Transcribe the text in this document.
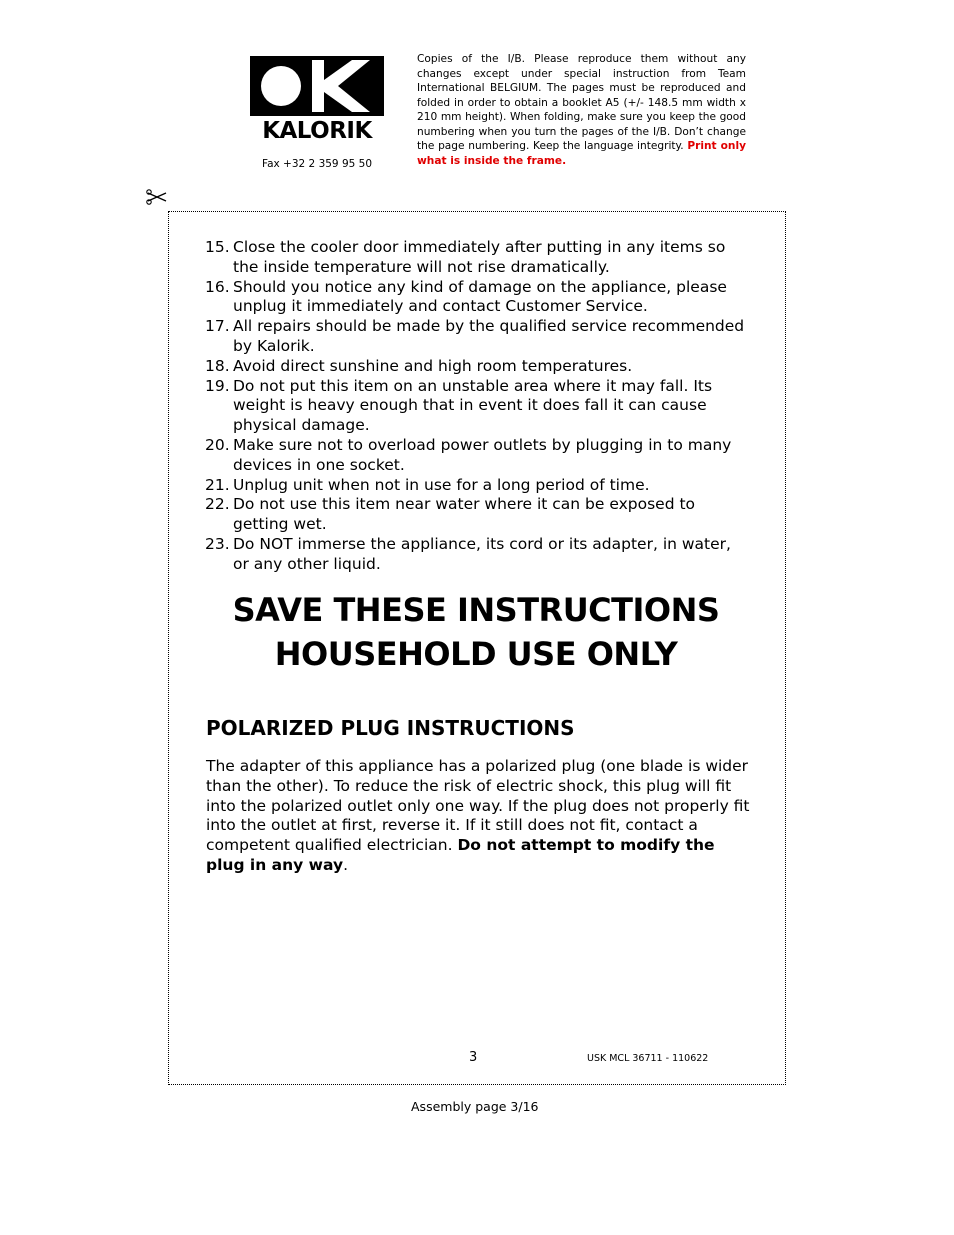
KALORIK
Fax +32 2 359 95 50
Copies of the I/B. Please reproduce them without any changes except under special instruction from Team International BELGIUM. The pages must be reproduced and folded in order to obtain a booklet A5 (+/- 148.5 mm width x 210 mm height). When folding, make sure you keep the good numbering when you turn the pages of the I/B. Don’t change the page numbering. Keep the language integrity. Print only what is inside the frame.
15. Close the cooler door immediately after putting in any items so the inside temperature will not rise dramatically.
16. Should you notice any kind of damage on the appliance, please unplug it immediately and contact Customer Service.
17. All repairs should be made by the qualified service recommended by Kalorik.
18. Avoid direct sunshine and high room temperatures.
19. Do not put this item on an unstable area where it may fall. Its weight is heavy enough that in event it does fall it can cause physical damage.
20. Make sure not to overload power outlets by plugging in to many devices in one socket.
21. Unplug unit when not in use for a long period of time.
22. Do not use this item near water where it can be exposed to getting wet.
23. Do NOT immerse the appliance, its cord or its adapter, in water, or any other liquid.
SAVE THESE INSTRUCTIONS
HOUSEHOLD USE ONLY
POLARIZED PLUG INSTRUCTIONS

The adapter of this appliance has a polarized plug (one blade is wider than the other). To reduce the risk of electric shock, this plug will fit into the polarized outlet only one way. If the plug does not properly fit into the outlet at first, reverse it. If it still does not fit, contact a competent qualified electrician. Do not attempt to modify the plug in any way.

3	USK MCL 36711 - 110622
Assembly page 3/16
